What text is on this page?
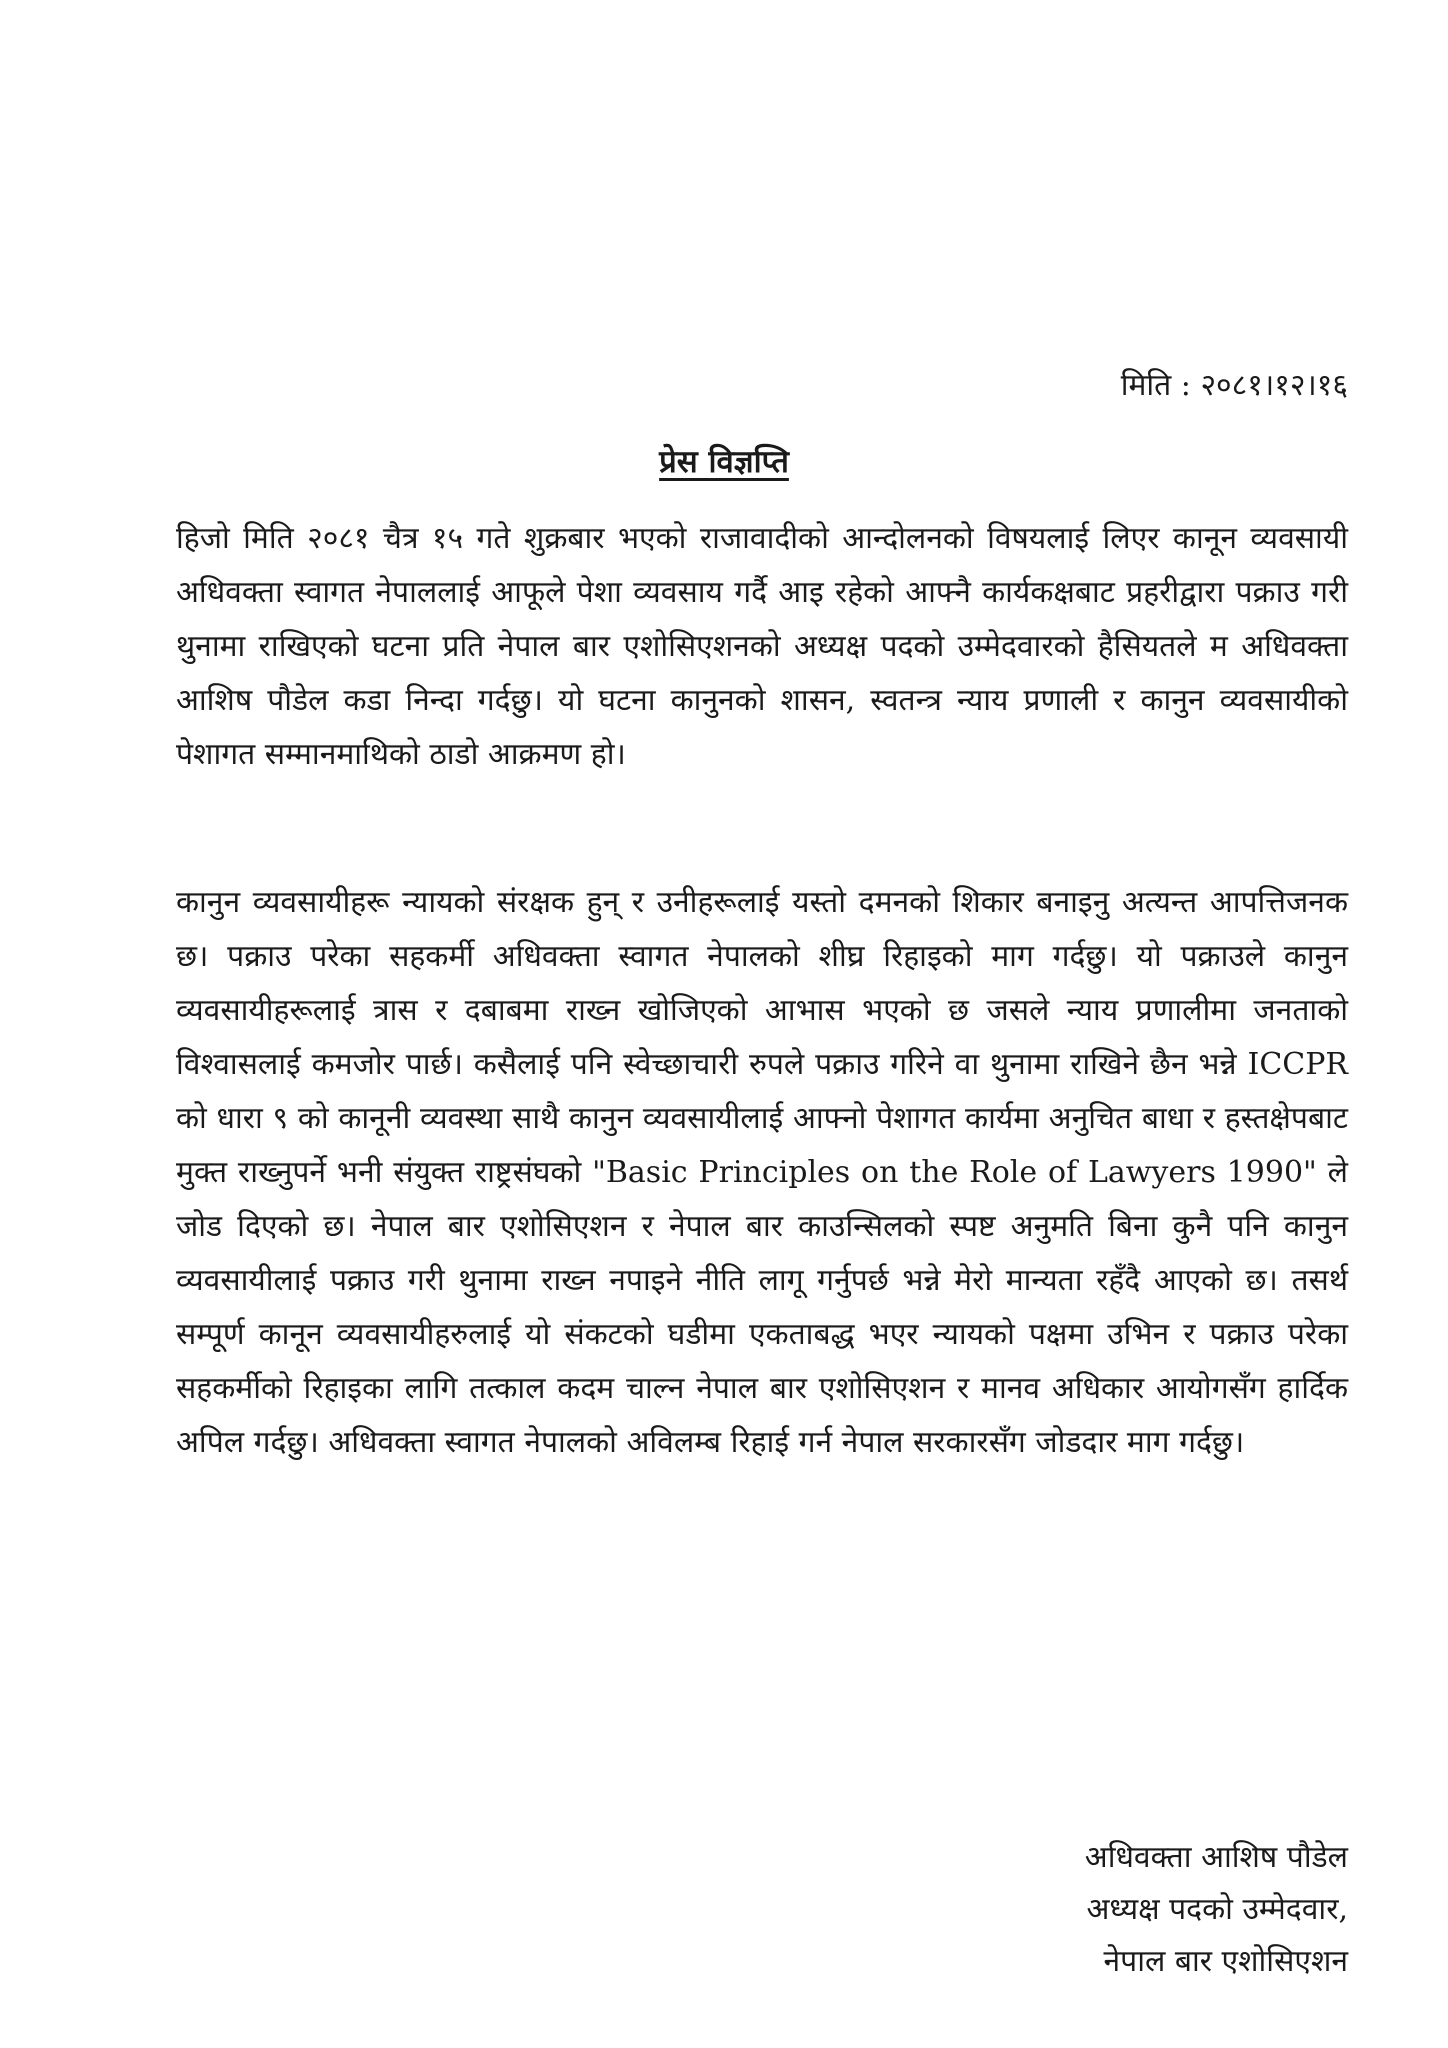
मिति : २०८१।१२।१६
प्रेस विज्ञप्ति
हिजो मिति २०८१ चैत्र १५ गते शुक्रबार भएको राजावादीको आन्दोलनको विषयलाई लिएर कानून व्यवसायी अधिवक्ता स्वागत नेपाललाई आफूले पेशा व्यवसाय गर्दै आइ रहेको आफ्नै कार्यकक्षबाट प्रहरीद्वारा पक्राउ गरी थुनामा राखिएको घटना प्रति नेपाल बार एशोसिएशनको अध्यक्ष पदको उम्मेदवारको हैसियतले म अधिवक्ता आशिष पौडेल कडा निन्दा गर्दछु। यो घटना कानुनको शासन, स्वतन्त्र न्याय प्रणाली र कानुन व्यवसायीको पेशागत सम्मानमाथिको ठाडो आक्रमण हो।
कानुन व्यवसायीहरू न्यायको संरक्षक हुन् र उनीहरूलाई यस्तो दमनको शिकार बनाइनु अत्यन्त आपत्तिजनक छ। पक्राउ परेका सहकर्मी अधिवक्ता स्वागत नेपालको शीघ्र रिहाइको माग गर्दछु। यो पक्राउले कानुन व्यवसायीहरूलाई त्रास र दबाबमा राख्न खोजिएको आभास भएको छ जसले न्याय प्रणालीमा जनताको विश्वासलाई कमजोर पार्छ। कसैलाई पनि स्वेच्छाचारी रुपले पक्राउ गरिने वा थुनामा राखिने छैन भन्ने ICCPR को धारा ९ को कानूनी व्यवस्था साथै कानुन व्यवसायीलाई आफ्नो पेशागत कार्यमा अनुचित बाधा र हस्तक्षेपबाट मुक्त राख्नुपर्ने भनी संयुक्त राष्ट्रसंघको "Basic Principles on the Role of Lawyers 1990" ले जोड दिएको छ। नेपाल बार एशोसिएशन र नेपाल बार काउन्सिलको स्पष्ट अनुमति बिना कुनै पनि कानुन व्यवसायीलाई पक्राउ गरी थुनामा राख्न नपाइने नीति लागू गर्नुपर्छ भन्ने मेरो मान्यता रहँदै आएको छ। तसर्थ सम्पूर्ण कानून व्यवसायीहरुलाई यो संकटको घडीमा एकताबद्ध भएर न्यायको पक्षमा उभिन र पक्राउ परेका सहकर्मीको रिहाइका लागि तत्काल कदम चाल्न नेपाल बार एशोसिएशन र मानव अधिकार आयोगसँग हार्दिक अपिल गर्दछु। अधिवक्ता स्वागत नेपालको अविलम्ब रिहाई गर्न नेपाल सरकारसँग जोडदार माग गर्दछु।
अधिवक्ता आशिष पौडेल
अध्यक्ष पदको उम्मेदवार,
नेपाल बार एशोसिएशन
